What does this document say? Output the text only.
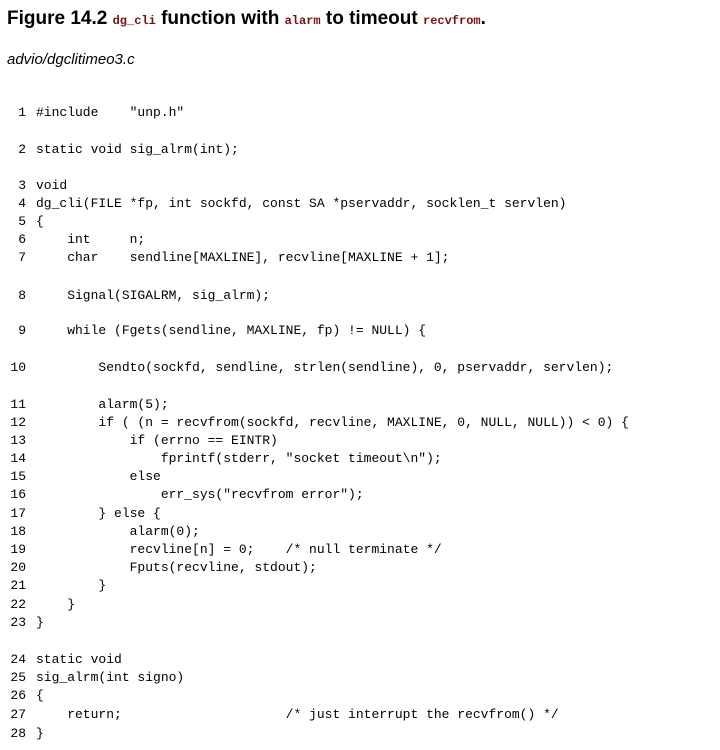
Figure 14.2 dg_cli function with alarm to timeout recvfrom.
advio/dgclitimeo3.c
1 #include    "unp.h"
2 static void sig_alrm(int);
3 void
4 dg_cli(FILE *fp, int sockfd, const SA *pservaddr, socklen_t servlen)
5 {
6    int     n;
7    char    sendline[MAXLINE], recvline[MAXLINE + 1];
8    Signal(SIGALRM, sig_alrm);
9    while (Fgets(sendline, MAXLINE, fp) != NULL) {
10        Sendto(sockfd, sendline, strlen(sendline), 0, pservaddr, servlen);
11        alarm(5);
12        if ( (n = recvfrom(sockfd, recvline, MAXLINE, 0, NULL, NULL)) < 0) {
13            if (errno == EINTR)
14                fprintf(stderr, "socket timeout\n");
15            else
16                err_sys("recvfrom error");
17        } else {
18            alarm(0);
19            recvline[n] = 0;    /* null terminate */
20            Fputs(recvline, stdout);
21        }
22    }
23 }
24 static void
25 sig_alrm(int signo)
26 {
27    return;                     /* just interrupt the recvfrom() */
28 }
